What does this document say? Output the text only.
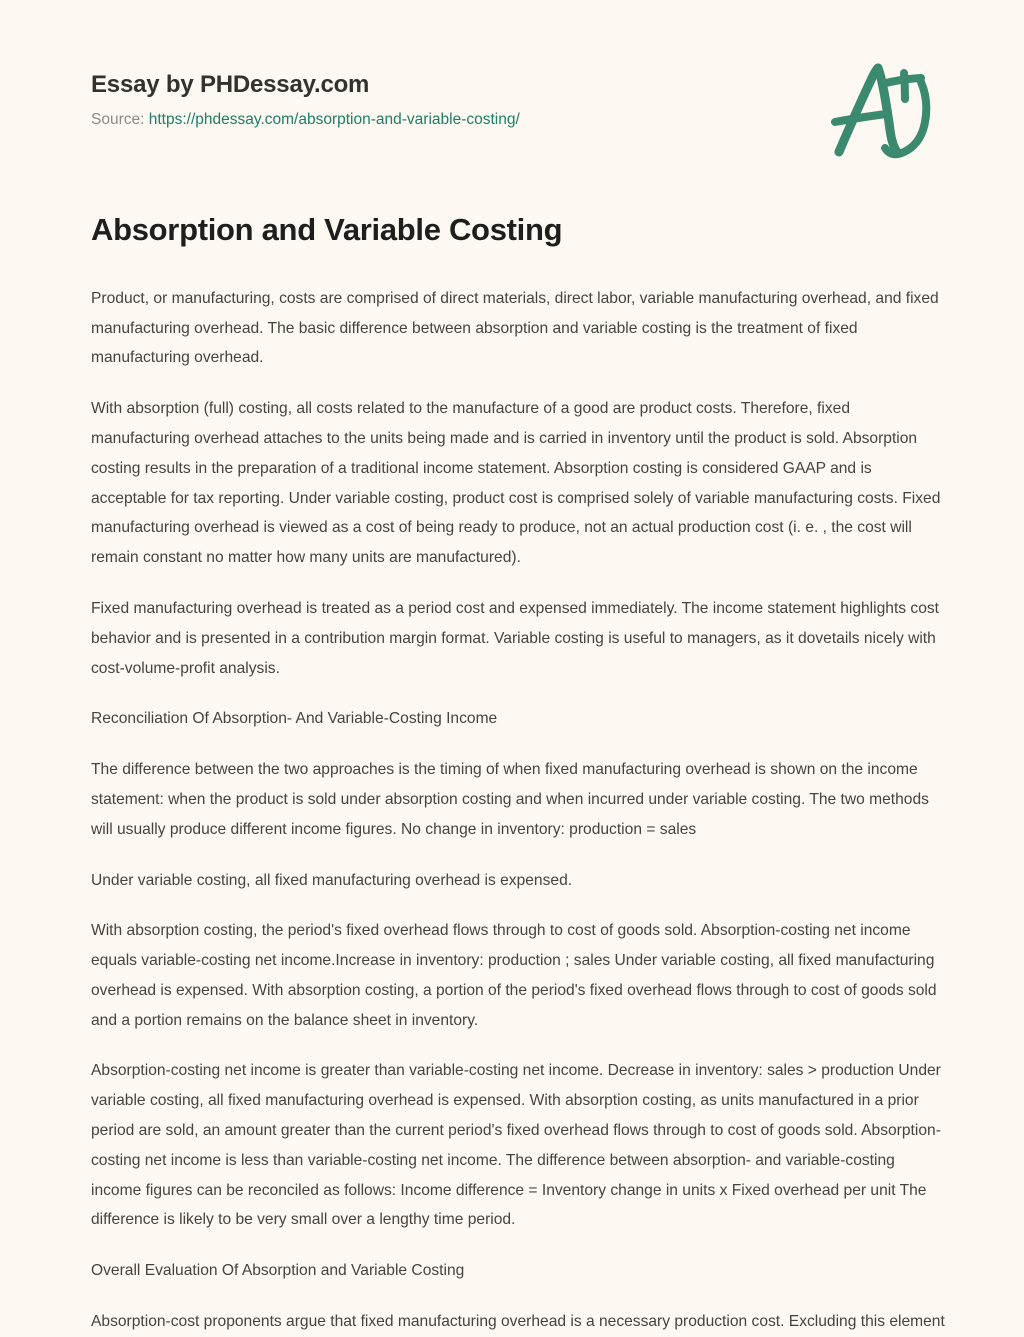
Essay by PHDessay.com
Source: https://phdessay.com/absorption-and-variable-costing/
Absorption and Variable Costing

Product, or manufacturing, costs are comprised of direct materials, direct labor, variable manufacturing overhead, and fixed manufacturing overhead. The basic difference between absorption and variable costing is the treatment of fixed manufacturing overhead.

With absorption (full) costing, all costs related to the manufacture of a good are product costs. Therefore, fixed manufacturing overhead attaches to the units being made and is carried in inventory until the product is sold. Absorption costing results in the preparation of a traditional income statement. Absorption costing is considered GAAP and is acceptable for tax reporting. Under variable costing, product cost is comprised solely of variable manufacturing costs. Fixed manufacturing overhead is viewed as a cost of being ready to produce, not an actual production cost (i. e. , the cost will remain constant no matter how many units are manufactured).

Fixed manufacturing overhead is treated as a period cost and expensed immediately. The income statement highlights cost behavior and is presented in a contribution margin format. Variable costing is useful to managers, as it dovetails nicely with cost-volume-profit analysis.

Reconciliation Of Absorption- And Variable-Costing Income

The difference between the two approaches is the timing of when fixed manufacturing overhead is shown on the income statement: when the product is sold under absorption costing and when incurred under variable costing. The two methods will usually produce different income figures. No change in inventory: production = sales

Under variable costing, all fixed manufacturing overhead is expensed.

With absorption costing, the period's fixed overhead flows through to cost of goods sold. Absorption-costing net income equals variable-costing net income.Increase in inventory: production ; sales Under variable costing, all fixed manufacturing overhead is expensed. With absorption costing, a portion of the period's fixed overhead flows through to cost of goods sold and a portion remains on the balance sheet in inventory.

Absorption-costing net income is greater than variable-costing net income. Decrease in inventory: sales > production Under variable costing, all fixed manufacturing overhead is expensed. With absorption costing, as units manufactured in a prior period are sold, an amount greater than the current period's fixed overhead flows through to cost of goods sold. Absorption-costing net income is less than variable-costing net income. The difference between absorption- and variable-costing income figures can be reconciled as follows: Income difference = Inventory change in units x Fixed overhead per unit The difference is likely to be very small over a lengthy time period.

Overall Evaluation Of Absorption and Variable Costing

Absorption-cost proponents argue that fixed manufacturing overhead is a necessary production cost. Excluding this element
